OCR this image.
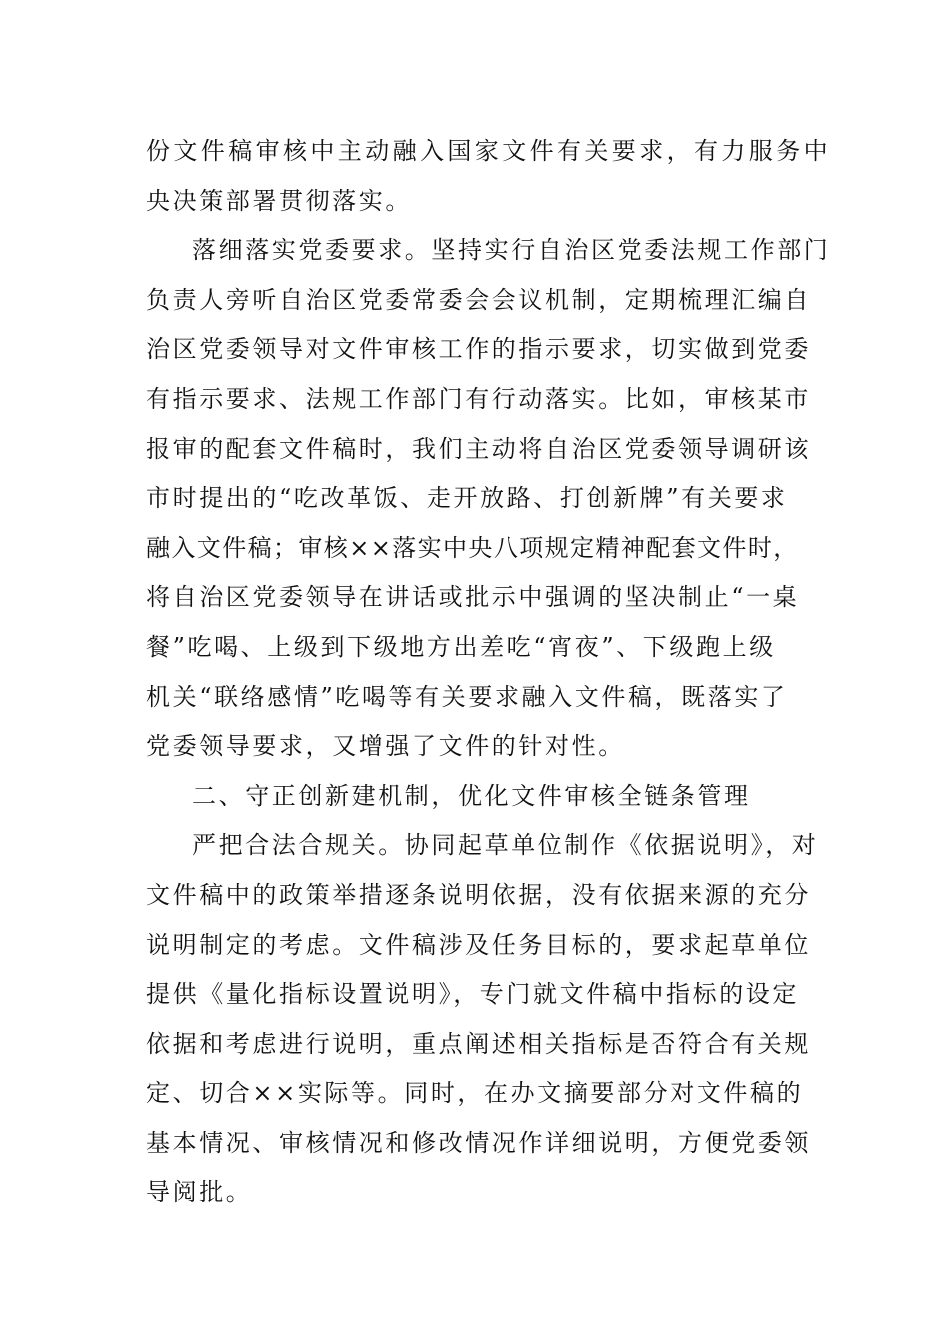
份文件稿审核中主动融入国家文件有关要求，有力服务中
央决策部署贯彻落实。
落细落实党委要求。坚持实行自治区党委法规工作部门
负责人旁听自治区党委常委会会议机制，定期梳理汇编自
治区党委领导对文件审核工作的指示要求，切实做到党委
有指示要求、法规工作部门有行动落实。比如，审核某市
报审的配套文件稿时，我们主动将自治区党委领导调研该
市时提出的“吃改革饭、走开放路、打创新牌”有关要求
融入文件稿；审核××落实中央八项规定精神配套文件时，
将自治区党委领导在讲话或批示中强调的坚决制止“一桌
餐”吃喝、上级到下级地方出差吃“宵夜”、下级跑上级
机关“联络感情”吃喝等有关要求融入文件稿，既落实了
党委领导要求，又增强了文件的针对性。
二、守正创新建机制，优化文件审核全链条管理
严把合法合规关。协同起草单位制作《依据说明》，对
文件稿中的政策举措逐条说明依据，没有依据来源的充分
说明制定的考虑。文件稿涉及任务目标的，要求起草单位
提供《量化指标设置说明》，专门就文件稿中指标的设定
依据和考虑进行说明，重点阐述相关指标是否符合有关规
定、切合××实际等。同时，在办文摘要部分对文件稿的
基本情况、审核情况和修改情况作详细说明，方便党委领
导阅批。
